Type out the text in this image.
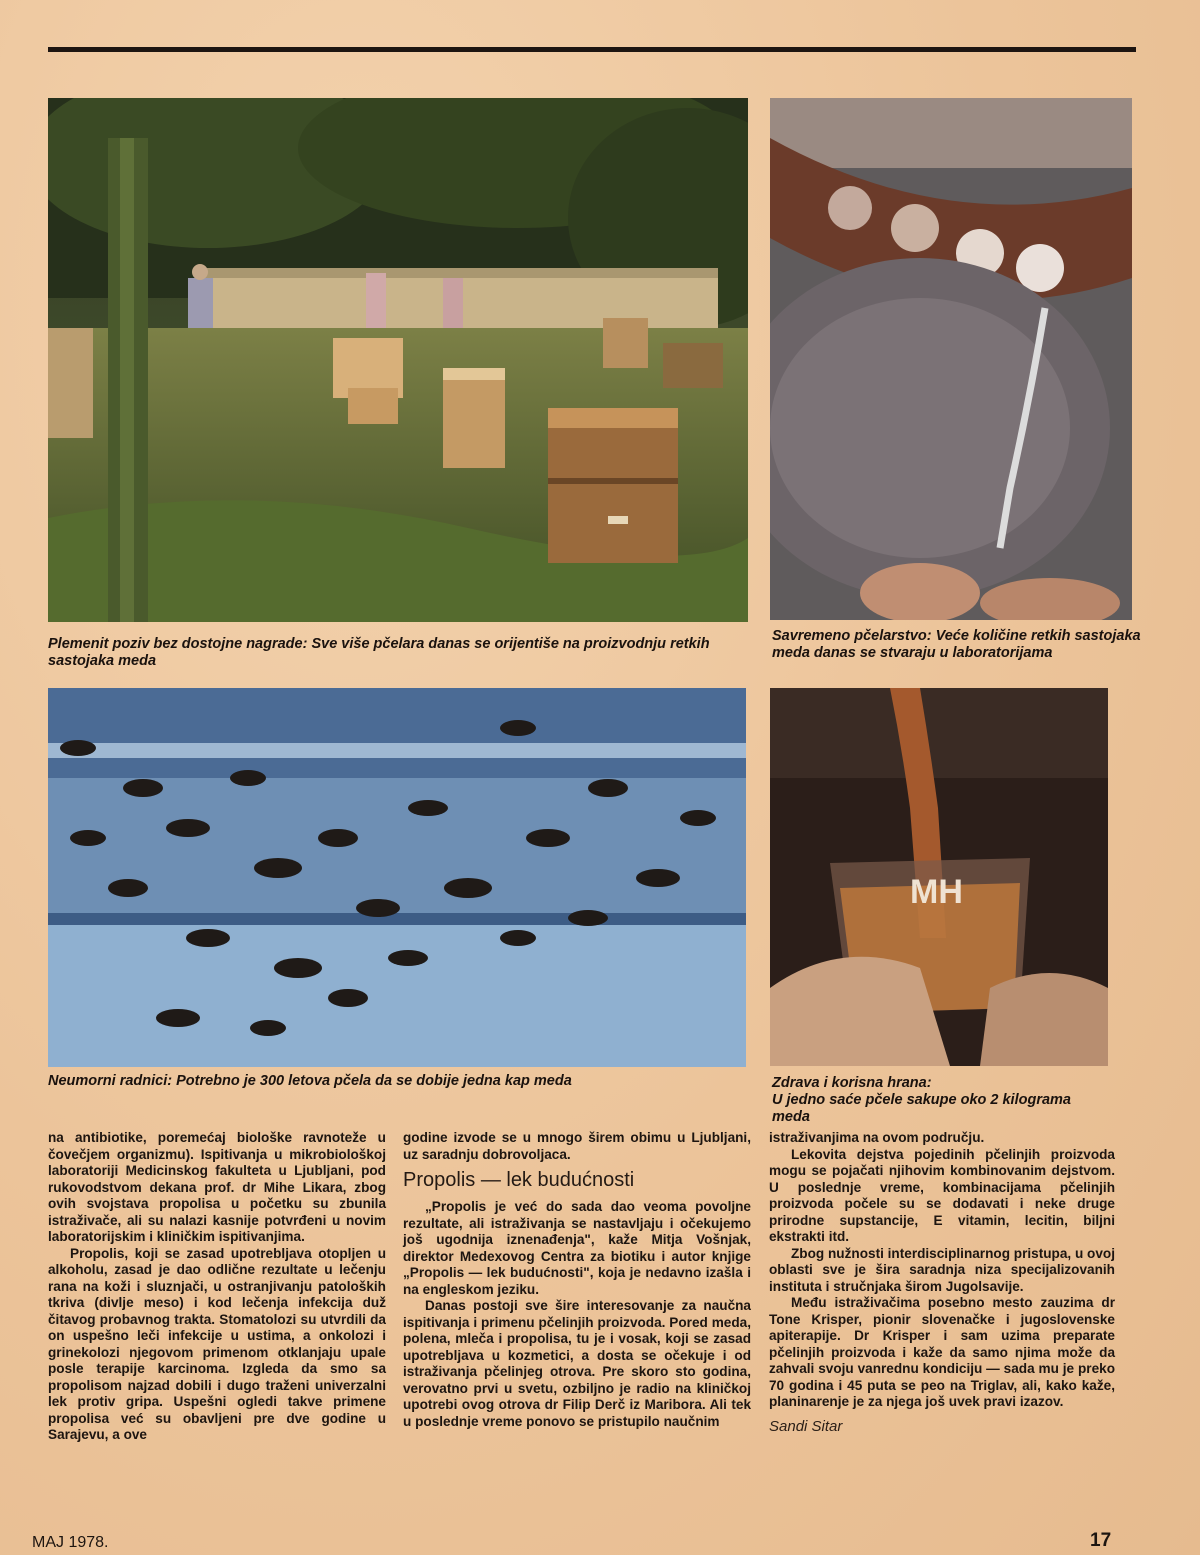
Plemenit poziv bez dostojne nagrade: Sve više pčelara danas se orijentiše na proizvodnju retkih sastojaka meda

Savremeno pčelarstvo: Veće količine retkih sastojaka meda danas se stvaraju u laboratorijama

MH

Neumorni radnici: Potrebno je 300 letova pčela da se dobije jedna kap meda	Zdrava i korisna hrana:
U jedno saće pčele sakupe oko 2 kilograma meda

na antibiotike, poremećaj biološke ravnoteže u čovečjem organizmu). Ispitivanja u mikrobiološkoj laboratoriji Medicinskog fakulteta u Ljubljani, pod rukovodstvom dekana prof. dr Mihe Likara, zbog ovih svojstava propolisa u početku su zbunila istraživače, ali su nalazi kasnije potvrđeni u novim laboratorijskim i kliničkim ispitivanjima.

Propolis, koji se zasad upotrebljava otopljen u alkoholu, zasad je dao odlične rezultate u lečenju rana na koži i sluznjači, u ostranjivanju patoloških tkriva (divlje meso) i kod lečenja infekcija duž čitavog probavnog trakta. Stomatolozi su utvrdili da on uspešno leči infekcije u ustima, a onkolozi i grinekolozi njegovom primenom otklanjaju upale posle terapije karcinoma. Izgleda da smo sa propolisom najzad dobili i dugo traženi univerzalni lek protiv gripa. Uspešni ogledi takve primene propolisa već su obavljeni pre dve godine u Sarajevu, a ove

godine izvode se u mnogo širem obimu u Ljubljani, uz saradnju dobrovoljaca.

Propolis — lek budućnosti

„Propolis je već do sada dao veoma povoljne rezultate, ali istraživanja se nastavljaju i očekujemo još ugodnija iznenađenja", kaže Mitja Vošnjak, direktor Medexovog Centra za biotiku i autor knjige „Propolis — lek budućnosti", koja je nedavno izašla i na engleskom jeziku.

Danas postoji sve šire interesovanje za naučna ispitivanja i primenu pčelinjih proizvoda. Pored meda, polena, mleča i propolisa, tu je i vosak, koji se zasad upotrebljava u kozmetici, a dosta se očekuje i od istraživanja pčelinjeg otrova. Pre skoro sto godina, verovatno prvi u svetu, ozbiljno je radio na kliničkoj upotrebi ovog otrova dr Filip Derč iz Maribora. Ali tek u poslednje vreme ponovo se pristupilo naučnim

istraživanjima na ovom području.

Lekovita dejstva pojedinih pčelinjih proizvoda mogu se pojačati njihovim kombinovanim dejstvom. U poslednje vreme, kombinacijama pčelinjih proizvoda počele su se dodavati i neke druge prirodne supstancije, E vitamin, lecitin, biljni ekstrakti itd.

Zbog nužnosti interdisciplinarnog pristupa, u ovoj oblasti sve je šira saradnja niza specijalizovanih instituta i stručnjaka širom Jugolsavije.

Među istraživačima posebno mesto zauzima dr Tone Krisper, pionir slovenačke i jugoslovenske apiterapije. Dr Krisper i sam uzima preparate pčelinjih proizvoda i kaže da samo njima može da zahvali svoju vanrednu kondiciju — sada mu je preko 70 godina i 45 puta se peo na Triglav, ali, kako kaže, planinarenje je za njega još uvek pravi izazov.

Sandi Sitar
MAJ 1978.	17
